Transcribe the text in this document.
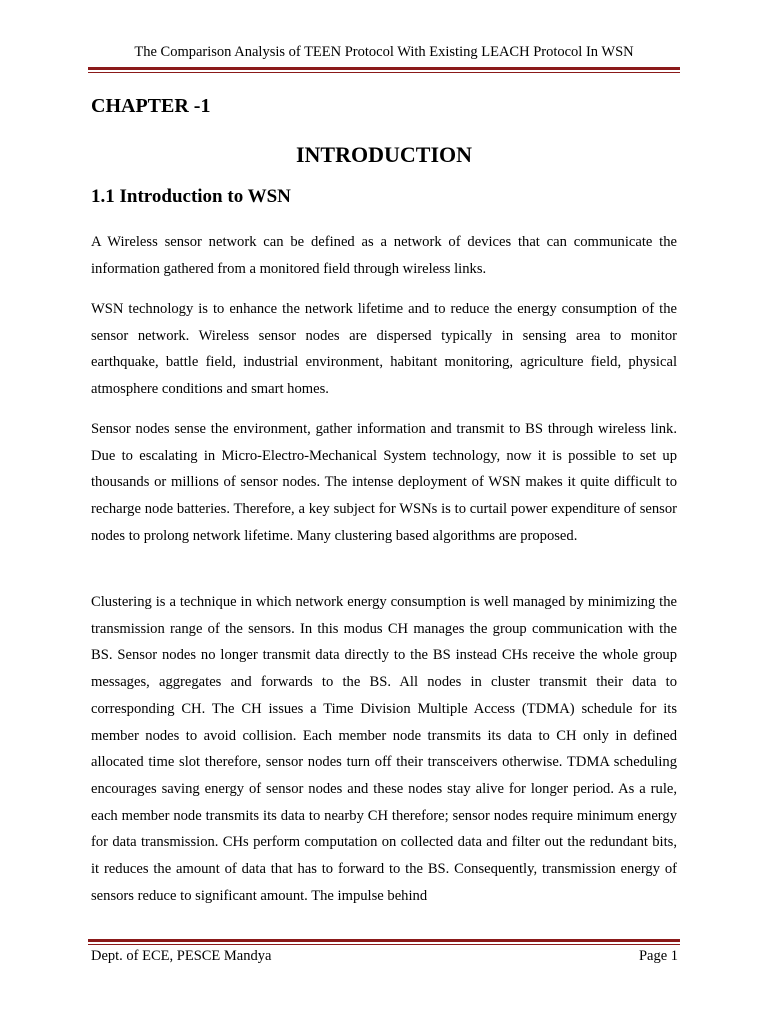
The Comparison Analysis of TEEN Protocol With Existing LEACH Protocol In WSN
CHAPTER -1
INTRODUCTION
1.1 Introduction to WSN

A Wireless sensor network can be defined as a network of devices that can communicate the information gathered from a monitored field through wireless links.

WSN technology is to enhance the network lifetime and to reduce the energy consumption of the sensor network. Wireless sensor nodes are dispersed typically in sensing area to monitor earthquake, battle field, industrial environment, habitant monitoring, agriculture field, physical atmosphere conditions and smart homes.

Sensor nodes sense the environment, gather information and transmit to BS through wireless link. Due to escalating in Micro-Electro-Mechanical System technology, now it is possible to set up thousands or millions of sensor nodes. The intense deployment of WSN makes it quite difficult to recharge node batteries. Therefore, a key subject for WSNs is to curtail power expenditure of sensor nodes to prolong network lifetime. Many clustering based algorithms are proposed.

Clustering is a technique in which network energy consumption is well managed by minimizing the transmission range of the sensors. In this modus CH manages the group communication with the BS. Sensor nodes no longer transmit data directly to the BS instead CHs receive the whole group messages, aggregates and forwards to the BS. All nodes in cluster transmit their data to corresponding CH. The CH issues a Time Division Multiple Access (TDMA) schedule for its member nodes to avoid collision. Each member node transmits its data to CH only in defined allocated time slot therefore, sensor nodes turn off their transceivers otherwise. TDMA scheduling encourages saving energy of sensor nodes and these nodes stay alive for longer period. As a rule, each member node transmits its data to nearby CH therefore; sensor nodes require minimum energy for data transmission. CHs perform computation on collected data and filter out the redundant bits, it reduces the amount of data that has to forward to the BS. Consequently, transmission energy of sensors reduce to significant amount. The impulse behind

Dept. of ECE, PESCE Mandya	Page 1
